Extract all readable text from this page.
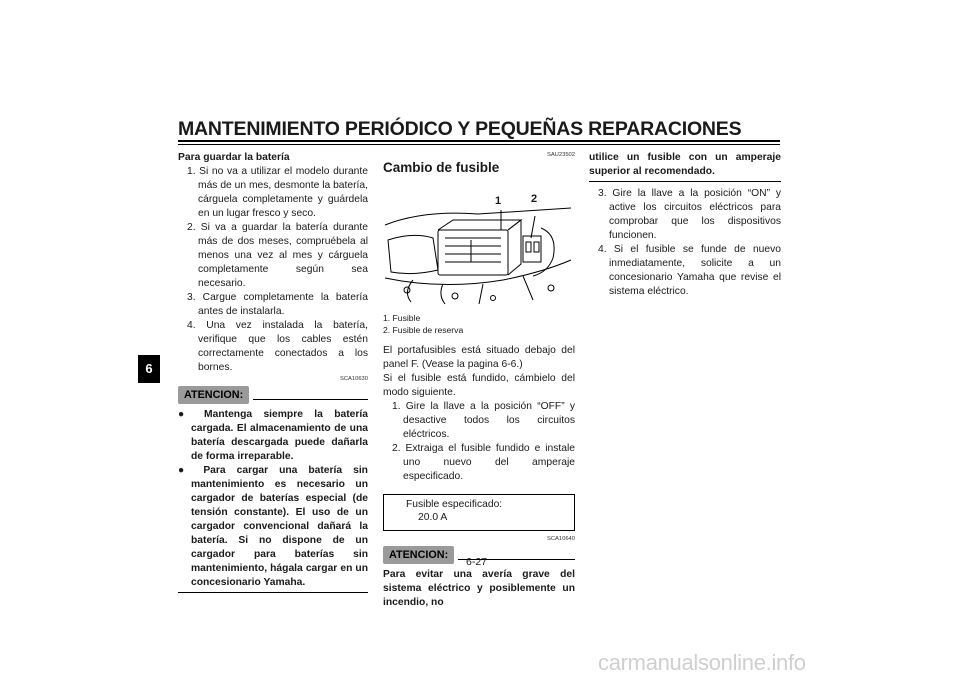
MANTENIMIENTO PERIÓDICO Y PEQUEÑAS REPARACIONES
6
Para guardar la batería
1. Si no va a utilizar el modelo durante más de un mes, desmonte la batería, cárguela completamente y guárdela en un lugar fresco y seco.
2. Si va a guardar la batería durante más de dos meses, compruébela al menos una vez al mes y cárguela completamente según sea necesario.
3. Cargue completamente la batería antes de instalarla.
4. Una vez instalada la batería, verifique que los cables estén correctamente conectados a los bornes.
SCA10630
ATENCION:
● Mantenga siempre la batería cargada. El almacenamiento de una batería descargada puede dañarla de forma irreparable.
● Para cargar una batería sin mantenimiento es necesario un cargador de baterías especial (de tensión constante). El uso de un cargador convencional dañará la batería. Si no dispone de un cargador para baterías sin mantenimiento, hágala cargar en un concesionario Yamaha.
SAU23502
Cambio de fusible
1	2
1. Fusible
2. Fusible de reserva
El portafusibles está situado debajo del panel F. (Vease la pagina 6-6.)
Si el fusible está fundido, cámbielo del modo siguiente.
1. Gire la llave a la posición “OFF” y desactive todos los circuitos eléctricos.
2. Extraiga el fusible fundido e instale uno nuevo del amperaje especificado.
Fusible especificado:
20.0 A
SCA10640
ATENCION:
Para evitar una avería grave del sistema eléctrico y posiblemente un incendio, no
utilice un fusible con un amperaje superior al recomendado.
3. Gire la llave a la posición “ON” y active los circuitos eléctricos para comprobar que los dispositivos funcionen.
4. Si el fusible se funde de nuevo inmediatamente, solicite a un concesionario Yamaha que revise el sistema eléctrico.
6-27
carmanualsonline.info
